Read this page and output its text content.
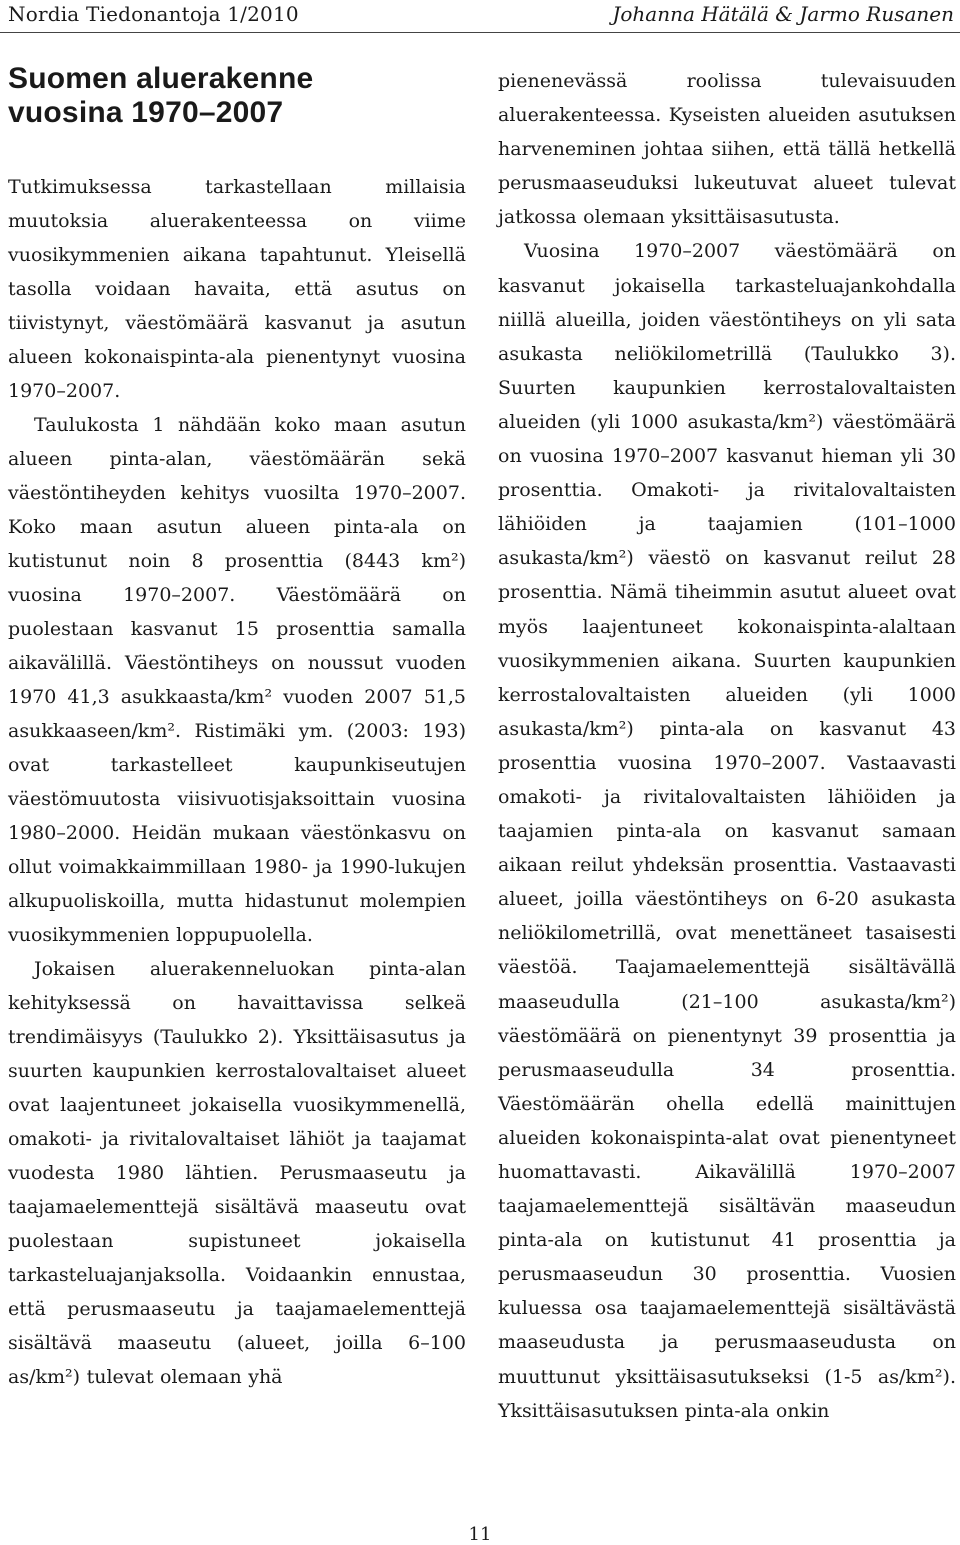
Nordia Tiedonantoja 1/2010	Johanna Hätälä & Jarmo Rusanen
Suomen aluerakenne
vuosina 1970–2007

Tutkimuksessa tarkastellaan millaisia muutoksia aluerakenteessa on viime vuosikymmenien aikana tapahtunut. Yleisellä tasolla voidaan havaita, että asutus on tiivistynyt, väestömäärä kasvanut ja asutun alueen kokonaispinta-ala pienentynyt vuosina 1970–2007.

Taulukosta 1 nähdään koko maan asutun alueen pinta-alan, väestömäärän sekä väestöntiheyden kehitys vuosilta 1970–2007. Koko maan asutun alueen pinta-ala on kutistunut noin 8 prosenttia (8443 km²) vuosina 1970–2007. Väestömäärä on puolestaan kasvanut 15 prosenttia samalla aikavälillä. Väestöntiheys on noussut vuoden 1970 41,3 asukkaasta/km² vuoden 2007 51,5 asukkaaseen/km². Ristimäki ym. (2003: 193) ovat tarkastelleet kaupunkiseutujen väestömuutosta viisivuotisjaksoittain vuosina 1980–2000. Heidän mukaan väestönkasvu on ollut voimakkaimmillaan 1980- ja 1990-lukujen alkupuoliskoilla, mutta hidastunut molempien vuosikymmenien loppupuolella.

Jokaisen aluerakenneluokan pinta-alan kehityksessä on havaittavissa selkeä trendimäisyys (Taulukko 2). Yksittäisasutus ja suurten kaupunkien kerrostalovaltaiset alueet ovat laajentuneet jokaisella vuosikymmenellä, omakoti- ja rivitalovaltaiset lähiöt ja taajamat vuodesta 1980 lähtien. Perusmaaseutu ja taajamaelementtejä sisältävä maaseutu ovat puolestaan supistuneet jokaisella tarkasteluajanjaksolla. Voidaankin ennustaa, että perusmaaseutu ja taajamaelementtejä sisältävä maaseutu (alueet, joilla 6–100 as/km²) tulevat olemaan yhä

pienenevässä roolissa tulevaisuuden aluerakenteessa. Kyseisten alueiden asutuksen harveneminen johtaa siihen, että tällä hetkellä perusmaaseuduksi lukeutuvat alueet tulevat jatkossa olemaan yksittäisasutusta.

Vuosina 1970–2007 väestömäärä on kasvanut jokaisella tarkasteluajankohdalla niillä alueilla, joiden väestöntiheys on yli sata asukasta neliökilometrillä (Taulukko 3). Suurten kaupunkien kerrostalovaltaisten alueiden (yli 1000 asukasta/km²) väestömäärä on vuosina 1970–2007 kasvanut hieman yli 30 prosenttia. Omakoti- ja rivitalovaltaisten lähiöiden ja taajamien (101–1000 asukasta/km²) väestö on kasvanut reilut 28 prosenttia. Nämä tiheimmin asutut alueet ovat myös laajentuneet kokonaispinta-alaltaan vuosikymmenien aikana. Suurten kaupunkien kerrostalovaltaisten alueiden (yli 1000 asukasta/km²) pinta-ala on kasvanut 43 prosenttia vuosina 1970–2007. Vastaavasti omakoti- ja rivitalovaltaisten lähiöiden ja taajamien pinta-ala on kasvanut samaan aikaan reilut yhdeksän prosenttia. Vastaavasti alueet, joilla väestöntiheys on 6-20 asukasta neliökilometrillä, ovat menettäneet tasaisesti väestöä. Taajamaelementtejä sisältävällä maaseudulla (21–100 asukasta/km²) väestömäärä on pienentynyt 39 prosenttia ja perusmaaseudulla 34 prosenttia. Väestömäärän ohella edellä mainittujen alueiden kokonaispinta-alat ovat pienentyneet huomattavasti. Aikavälillä 1970–2007 taajamaelementtejä sisältävän maaseudun pinta-ala on kutistunut 41 prosenttia ja perusmaaseudun 30 prosenttia. Vuosien kuluessa osa taajamaelementtejä sisältävästä maaseudusta ja perusmaaseudusta on muuttunut yksittäisasutukseksi (1-5 as/km²). Yksittäisasutuksen pinta-ala onkin

11
